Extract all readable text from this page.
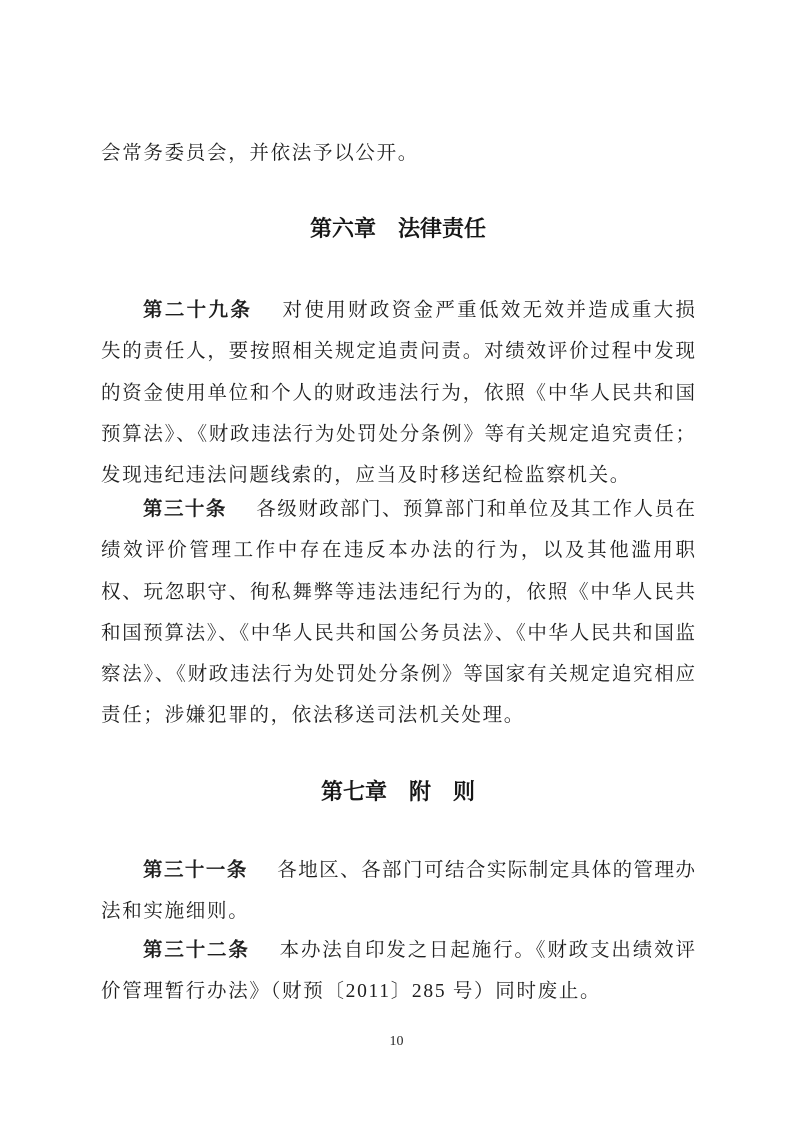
会常务委员会，并依法予以公开。
第六章　法律责任
第二十九条 对使用财政资金严重低效无效并造成重大损
失的责任人，要按照相关规定追责问责。对绩效评价过程中发现
的资金使用单位和个人的财政违法行为，依照《中华人民共和国
预算法》、《财政违法行为处罚处分条例》等有关规定追究责任；
发现违纪违法问题线索的，应当及时移送纪检监察机关。
第三十条 各级财政部门、预算部门和单位及其工作人员在
绩效评价管理工作中存在违反本办法的行为，以及其他滥用职
权、玩忽职守、徇私舞弊等违法违纪行为的，依照《中华人民共
和国预算法》、《中华人民共和国公务员法》、《中华人民共和国监
察法》、《财政违法行为处罚处分条例》等国家有关规定追究相应
责任；涉嫌犯罪的，依法移送司法机关处理。
第七章　附　则
第三十一条 各地区、各部门可结合实际制定具体的管理办
法和实施细则。
第三十二条 本办法自印发之日起施行。《财政支出绩效评
价管理暂行办法》（财预〔2011〕285 号）同时废止。
10
